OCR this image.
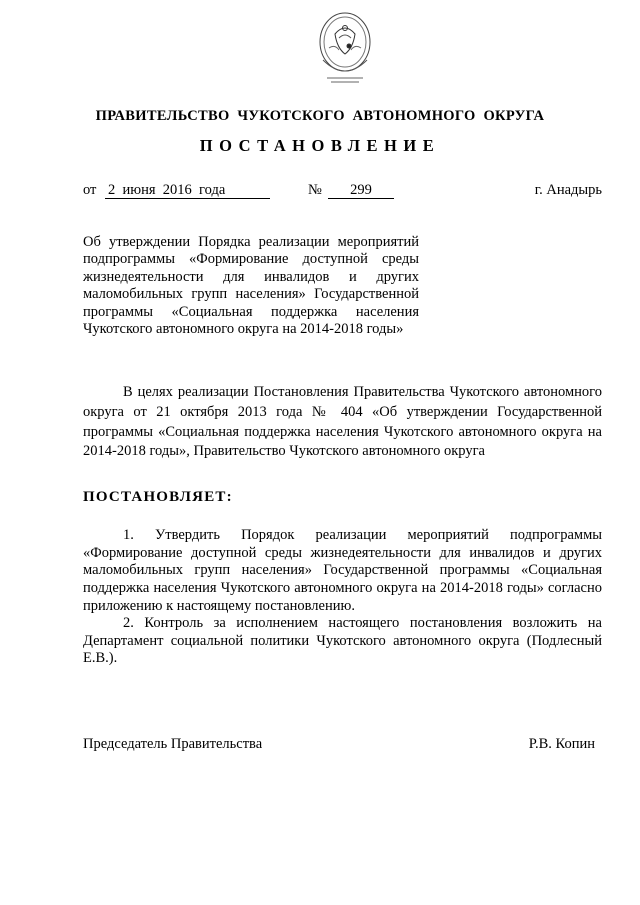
ПРАВИТЕЛЬСТВО  ЧУКОТСКОГО  АВТОНОМНОГО  ОКРУГА
ПОСТАНОВЛЕНИЕ
от 2  июня  2016  года	№	299	г. Анадырь
Об утверждении Порядка реализации мероприятий подпрограммы «Формирование доступной среды жизнедеятельности для инвалидов и других маломобильных групп населения» Государственной программы «Социальная поддержка населения Чукотского автономного округа на 2014-2018 годы»
В целях реализации Постановления Правительства Чукотского автономного округа от 21 октября 2013 года № 404 «Об утверждении Государственной программы «Социальная поддержка населения Чукотского автономного округа на 2014-2018 годы», Правительство Чукотского автономного округа
ПОСТАНОВЛЯЕТ:
1. Утвердить Порядок реализации мероприятий подпрограммы «Формирование доступной среды жизнедеятельности для инвалидов и других маломобильных групп населения» Государственной программы «Социальная поддержка населения Чукотского автономного округа на 2014-2018 годы» согласно приложению к настоящему постановлению.
2. Контроль за исполнением настоящего постановления возложить на Департамент социальной политики Чукотского автономного округа (Подлесный Е.В.).
Председатель Правительства	Р.В. Копин
